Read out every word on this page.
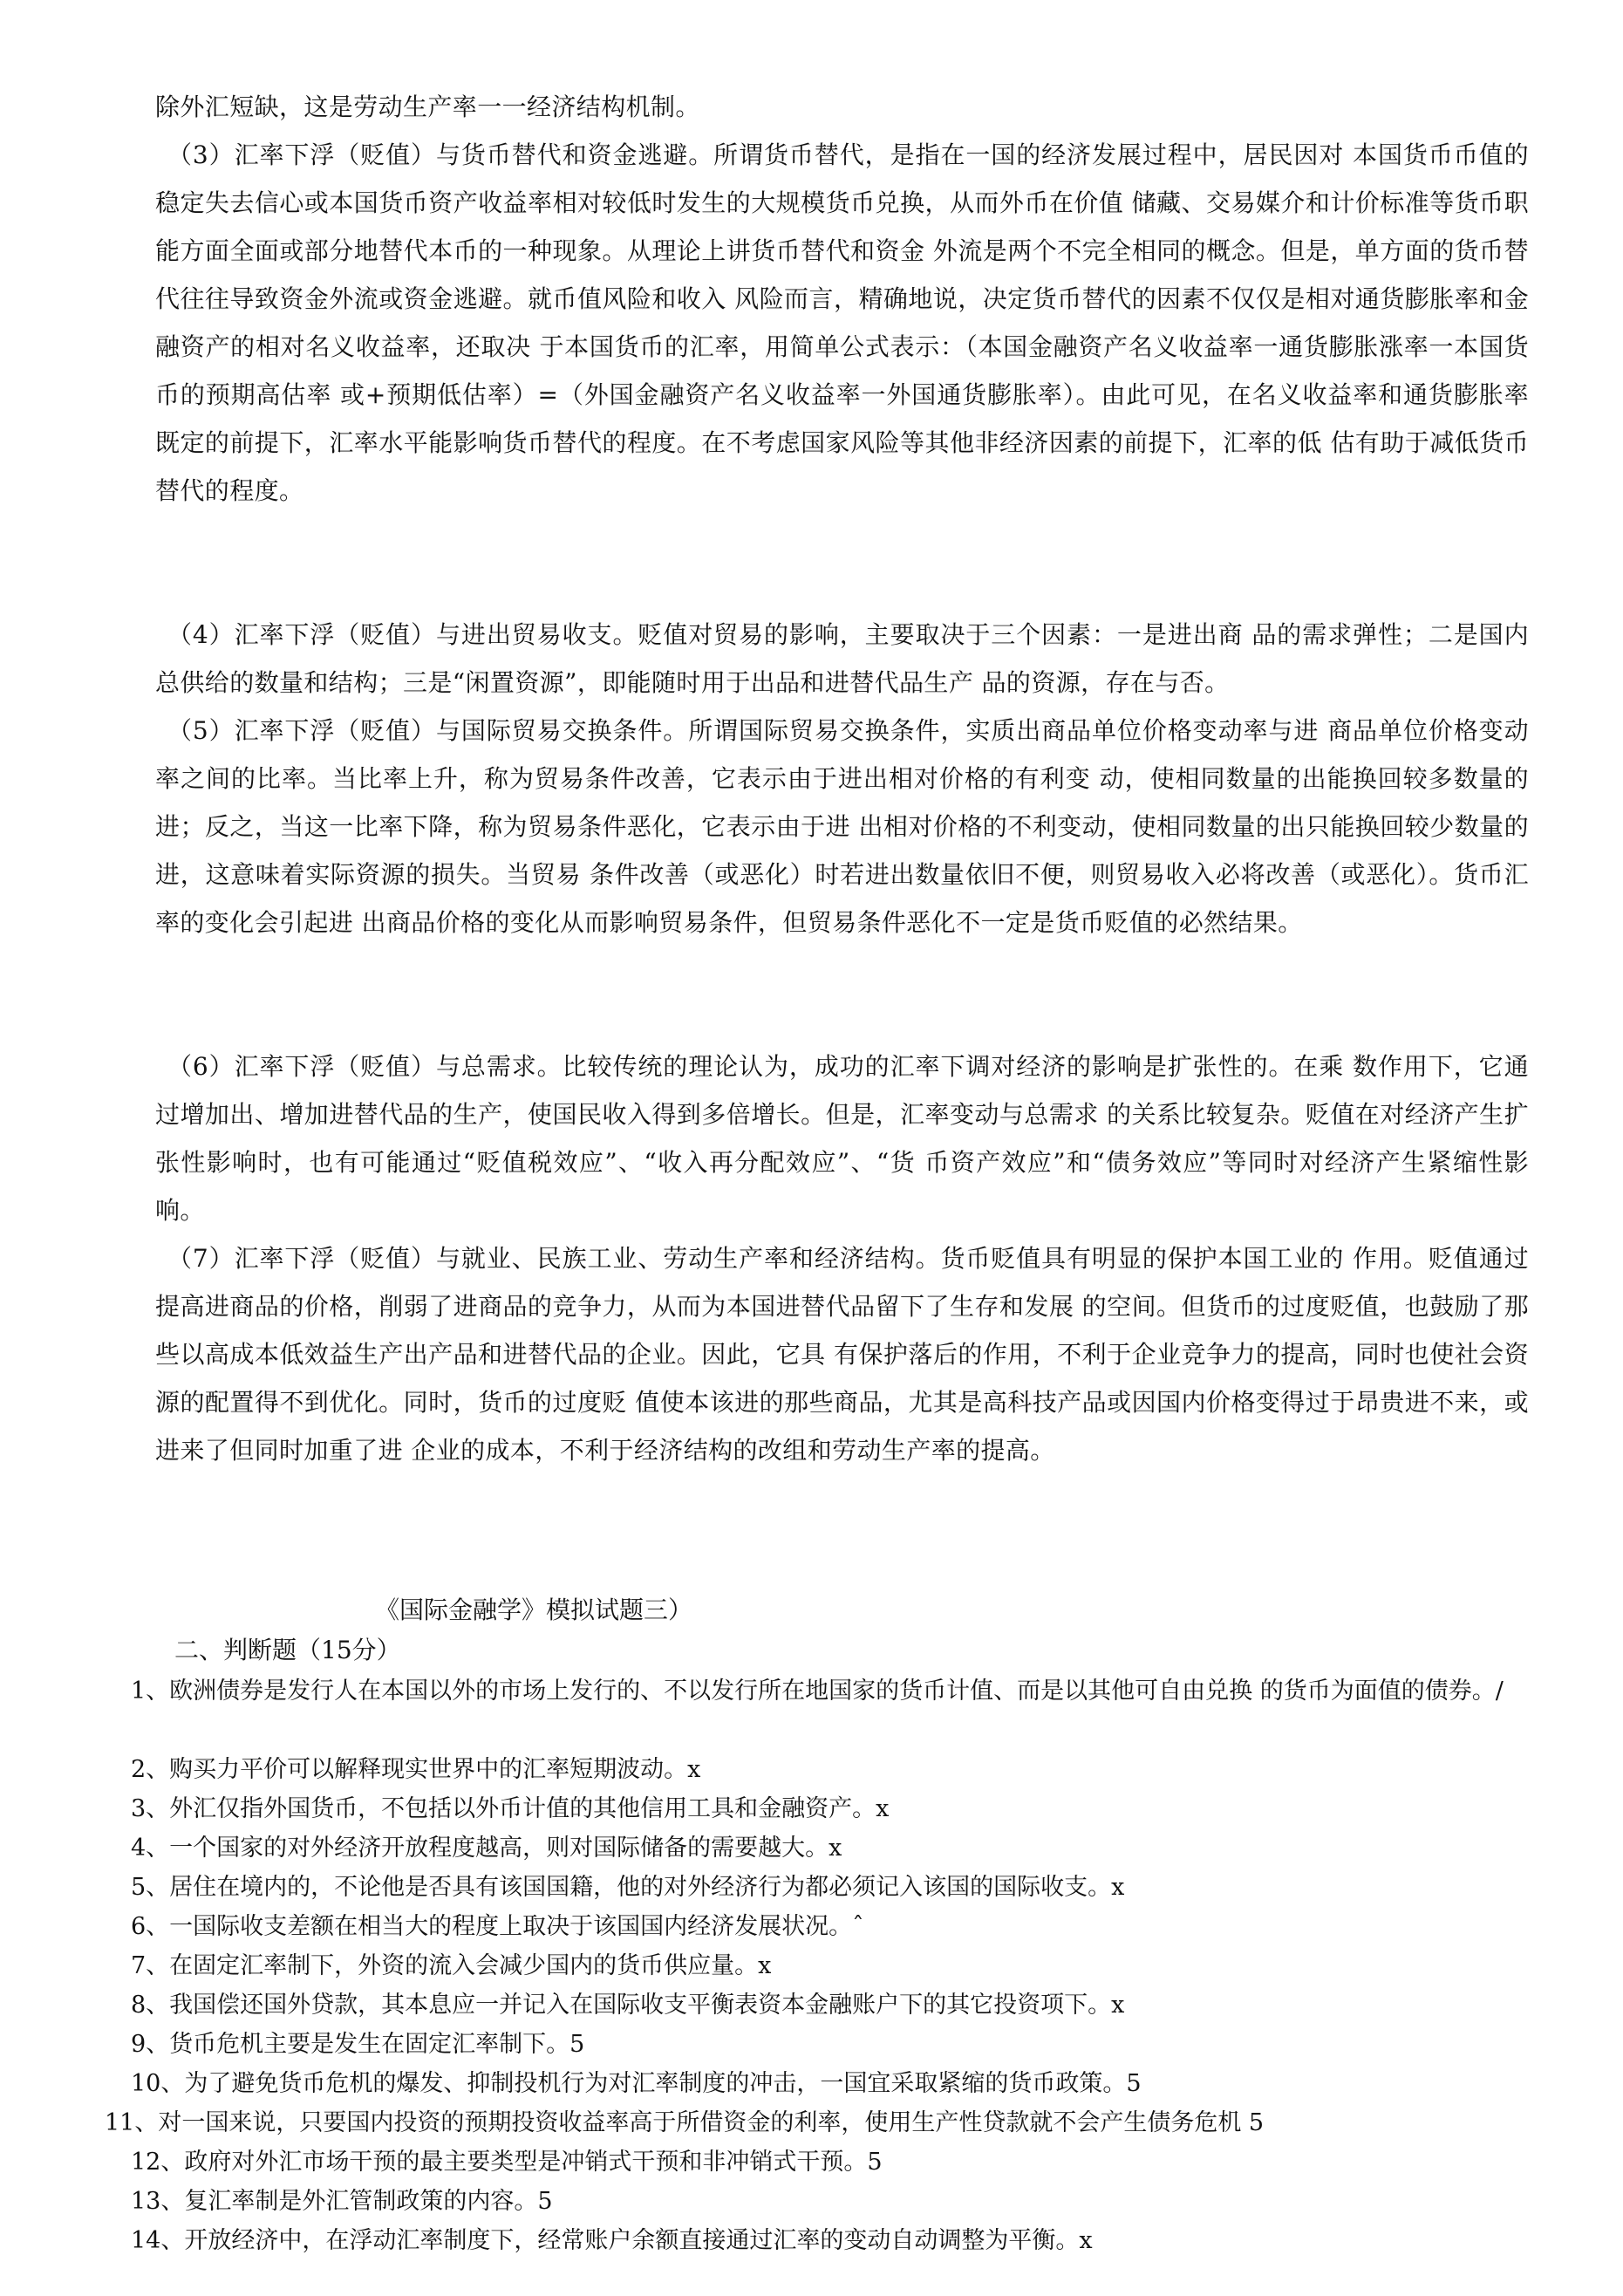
除外汇短缺，这是劳动生产率一一经济结构机制。
（3）汇率下浮（贬值）与货币替代和资金逃避。所谓货币替代，是指在一国的经济发展过程中，居民因对 本国货币币值的稳定失去信心或本国货币资产收益率相对较低时发生的大规模货币兑换，从而外币在价值 储藏、交易媒介和计价标准等货币职能方面全面或部分地替代本币的一种现象。从理论上讲货币替代和资金 外流是两个不完全相同的概念。但是，单方面的货币替代往往导致资金外流或资金逃避。就币值风险和收入 风险而言，精确地说，决定货币替代的因素不仅仅是相对通货膨胀率和金融资产的相对名义收益率，还取决 于本国货币的汇率，用简单公式表示：（本国金融资产名义收益率一通货膨胀涨率一本国货币的预期高估率 或+预期低估率）=（外国金融资产名义收益率一外国通货膨胀率）。由此可见，在名义收益率和通货膨胀率 既定的前提下，汇率水平能影响货币替代的程度。在不考虑国家风险等其他非经济因素的前提下，汇率的低 估有助于减低货币替代的程度。
（4）汇率下浮（贬值）与进出贸易收支。贬值对贸易的影响，主要取决于三个因素：一是进出商 品的需求弹性；二是国内总供给的数量和结构；三是“闲置资源”，即能随时用于出品和进替代品生产 品的资源，存在与否。
（5）汇率下浮（贬值）与国际贸易交换条件。所谓国际贸易交换条件，实质出商品单位价格变动率与进 商品单位价格变动率之间的比率。当比率上升，称为贸易条件改善，它表示由于进出相对价格的有利变 动，使相同数量的出能换回较多数量的进；反之，当这一比率下降，称为贸易条件恶化，它表示由于进 出相对价格的不利变动，使相同数量的出只能换回较少数量的进，这意味着实际资源的损失。当贸易 条件改善（或恶化）时若进出数量依旧不便，则贸易收入必将改善（或恶化）。货币汇率的变化会引起进 出商品价格的变化从而影响贸易条件，但贸易条件恶化不一定是货币贬值的必然结果。
（6）汇率下浮（贬值）与总需求。比较传统的理论认为，成功的汇率下调对经济的影响是扩张性的。在乘 数作用下，它通过增加出、增加进替代品的生产，使国民收入得到多倍增长。但是，汇率变动与总需求 的关系比较复杂。贬值在对经济产生扩张性影响时，也有可能通过“贬值税效应”、“收入再分配效应”、“货 币资产效应”和“债务效应”等同时对经济产生紧缩性影响。
（7）汇率下浮（贬值）与就业、民族工业、劳动生产率和经济结构。货币贬值具有明显的保护本国工业的 作用。贬值通过提高进商品的价格，削弱了进商品的竞争力，从而为本国进替代品留下了生存和发展 的空间。但货币的过度贬值，也鼓励了那些以高成本低效益生产出产品和进替代品的企业。因此，它具 有保护落后的作用，不利于企业竞争力的提高，同时也使社会资源的配置得不到优化。同时，货币的过度贬 值使本该进的那些商品，尤其是高科技产品或因国内价格变得过于昂贵进不来，或进来了但同时加重了进 企业的成本，不利于经济结构的改组和劳动生产率的提高。
《国际金融学》模拟试题三）
二、判断题（15分）
1、欧洲债券是发行人在本国以外的市场上发行的、不以发行所在地国家的货币计值、而是以其他可自由兑换 的货币为面值的债券。/
2、购买力平价可以解释现实世界中的汇率短期波动。x
3、外汇仅指外国货币，不包括以外币计值的其他信用工具和金融资产。x
4、一个国家的对外经济开放程度越高，则对国际储备的需要越大。x
5、居住在境内的，不论他是否具有该国国籍，他的对外经济行为都必须记入该国的国际收支。x
6、一国际收支差额在相当大的程度上取决于该国国内经济发展状况。ˆ
7、在固定汇率制下，外资的流入会减少国内的货币供应量。x
8、我国偿还国外贷款，其本息应一并记入在国际收支平衡表资本金融账户下的其它投资项下。x
9、货币危机主要是发生在固定汇率制下。5
10、为了避免货币危机的爆发、抑制投机行为对汇率制度的冲击，一国宜采取紧缩的货币政策。5
11、对一国来说，只要国内投资的预期投资收益率高于所借资金的利率，使用生产性贷款就不会产生债务危机 5
12、政府对外汇市场干预的最主要类型是冲销式干预和非冲销式干预。5
13、复汇率制是外汇管制政策的内容。5
14、开放经济中，在浮动汇率制度下，经常账户余额直接通过汇率的变动自动调整为平衡。x
